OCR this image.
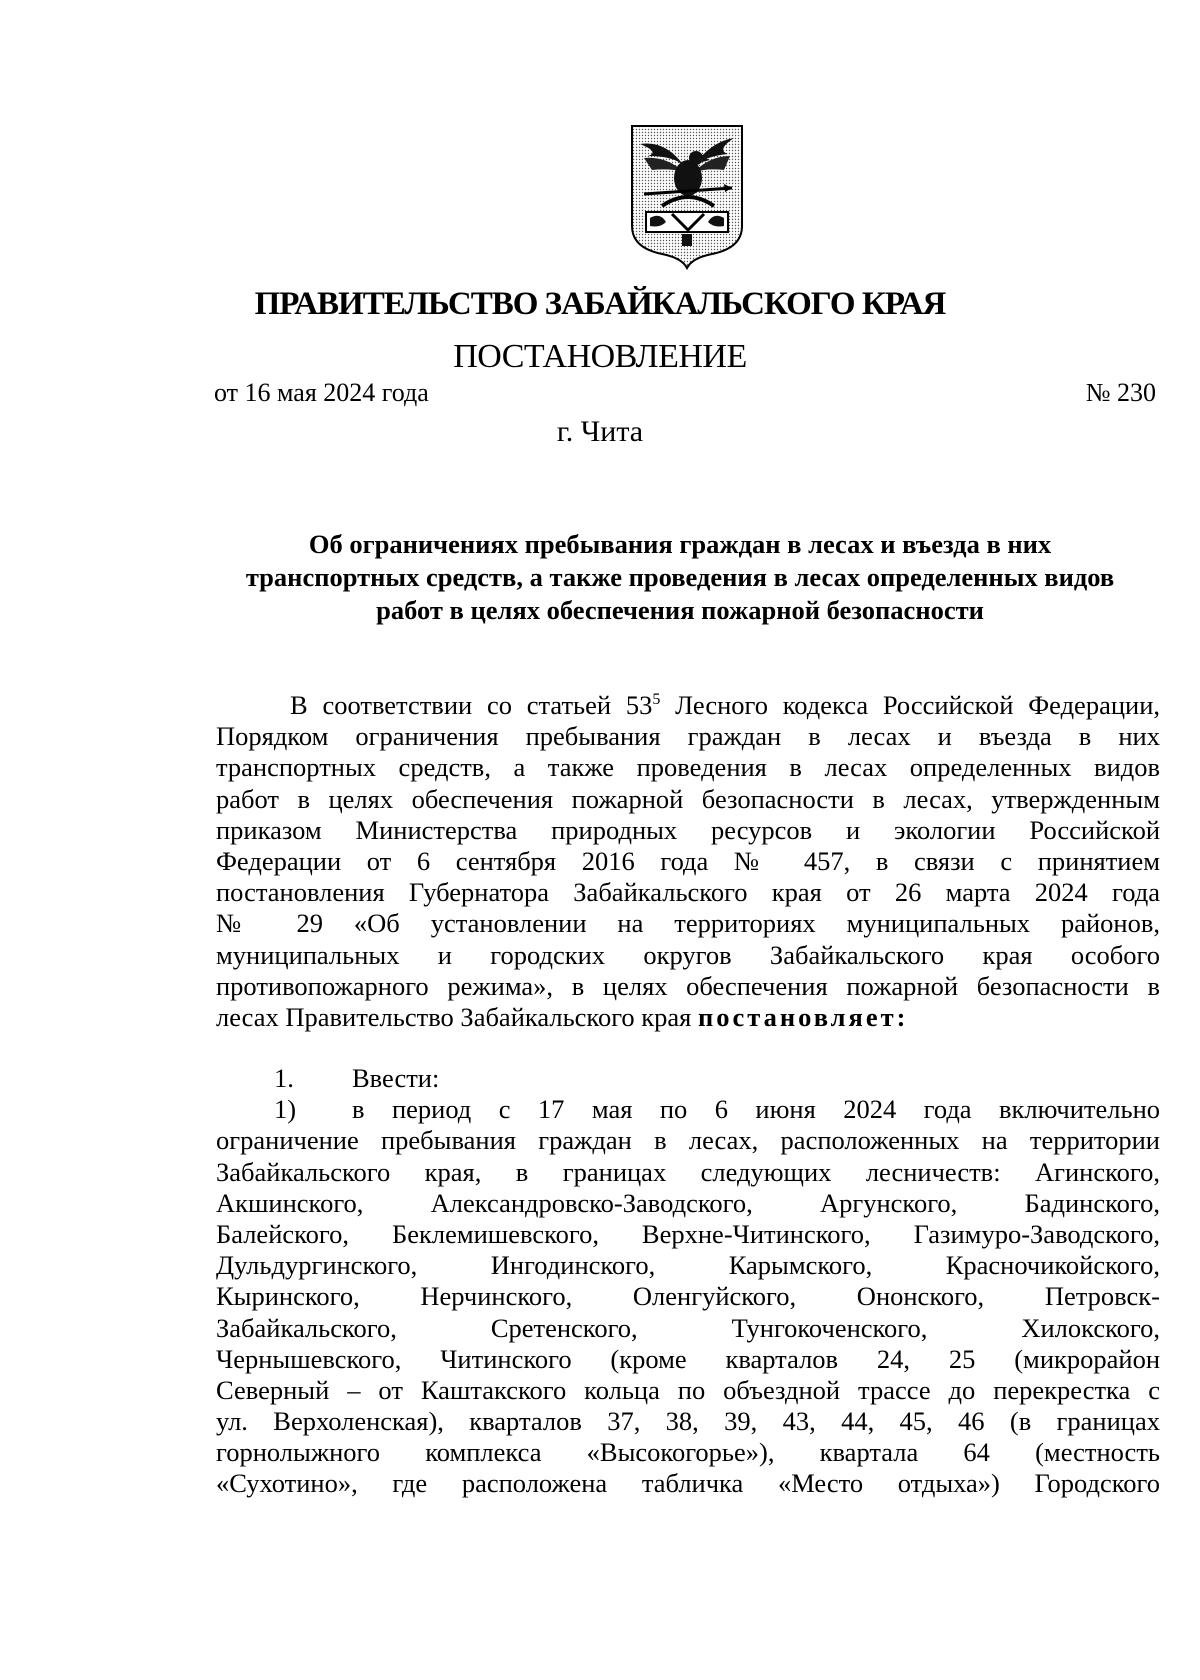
ПРАВИТЕЛЬСТВО ЗАБАЙКАЛЬСКОГО КРАЯ
ПОСТАНОВЛЕНИЕ
от 16 мая 2024 года	№ 230
г. Чита
Об ограничениях пребывания граждан в лесах и въезда в них
транспортных средств, а также проведения в лесах определенных видов
работ в целях обеспечения пожарной безопасности
В соответствии со статьей $53^5$ Лесного кодекса Российской Федерации,
Порядком ограничения пребывания граждан в лесах и въезда в них
транспортных средств, а также проведения в лесах определенных видов
работ в целях обеспечения пожарной безопасности в лесах, утвержденным
приказом Министерства природных ресурсов и экологии Российской
Федерации от 6 сентября 2016 года № 457, в связи с принятием
постановления Губернатора Забайкальского края от 26 марта 2024 года
№ 29 «Об установлении на территориях муниципальных районов,
муниципальных и городских округов Забайкальского края особого
противопожарного режима», в целях обеспечения пожарной безопасности в
лесах Правительство Забайкальского края постановляет:
1. Ввести:
1) в период с 17 мая по 6 июня 2024 года включительно
ограничение пребывания граждан в лесах, расположенных на территории
Забайкальского края, в границах следующих лесничеств: Агинского,
Акшинского, Александровско-Заводского, Аргунского, Бадинского,
Балейского, Беклемишевского, Верхне-Читинского, Газимуро-Заводского,
Дульдургинского, Ингодинского, Карымского, Красночикойского,
Кыринского, Нерчинского, Оленгуйского, Ононского, Петровск-
Забайкальского, Сретенского, Тунгокоченского, Хилокского,
Чернышевского, Читинского (кроме кварталов 24, 25 (микрорайон
Северный – от Каштакского кольца по объездной трассе до перекрестка с
ул. Верхоленская), кварталов 37, 38, 39, 43, 44, 45, 46 (в границах
горнолыжного комплекса «Высокогорье»), квартала 64 (местность
«Сухотино», где расположена табличка «Место отдыха») Городского
